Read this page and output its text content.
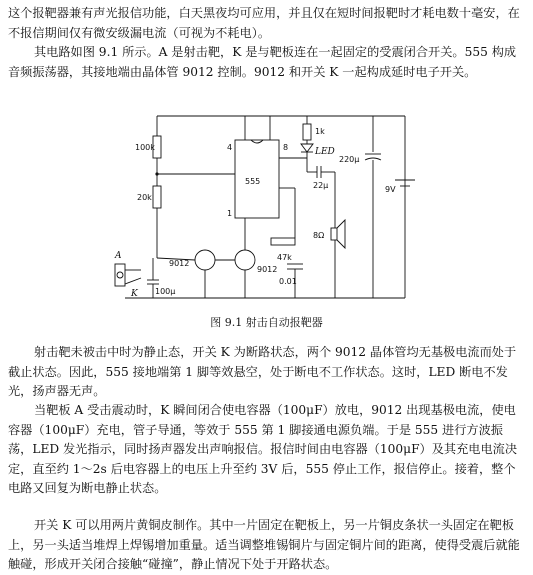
这个报靶器兼有声光报信功能，白天黑夜均可应用，并且仅在短时间报靶时才耗电数十毫安，在不报信期间仅有微安级漏电流（可视为不耗电）。
其电路如图 9.1 所示。A 是射击靶，K 是与靶板连在一起固定的受震闭合开关。555 构成音频振荡器，其接地端由晶体管 9012 控制。9012 和开关 K 一起构成延时电子开关。
9V
220μ
100k
20k
555
4	8
1
1k
LED
22μ
8Ω
47k
0.01
9012
9012
100μ
A
K
图 9.1 射击自动报靶器
射击靶未被击中时为静止态，开关 K 为断路状态，两个 9012 晶体管均无基极电流而处于截止状态。因此，555 接地端第 1 脚等效悬空，处于断电不工作状态。这时，LED 断电不发光，扬声器无声。
当靶板 A 受击震动时，K 瞬间闭合使电容器（100μF）放电，9012 出现基极电流，使电容器（100μF）充电，管子导通，等效于 555 第 1 脚接通电源负端。于是 555 进行方波振荡，LED 发光指示，同时扬声器发出声响报信。报信时间由电容器（100μF）及其充电电流决定，直至约 1～2s 后电容器上的电压上升至约 3V 后，555 停止工作，报信停止。接着，整个电路又回复为断电静止状态。
开关 K 可以用两片黄铜皮制作。其中一片固定在靶板上，另一片铜皮条状一头固定在靶板上，另一头适当堆焊上焊锡增加重量。适当调整堆锡铜片与固定铜片间的距离，使得受震后就能触碰，形成开关闭合接触“碰撞”，静止情况下处于开路状态。
